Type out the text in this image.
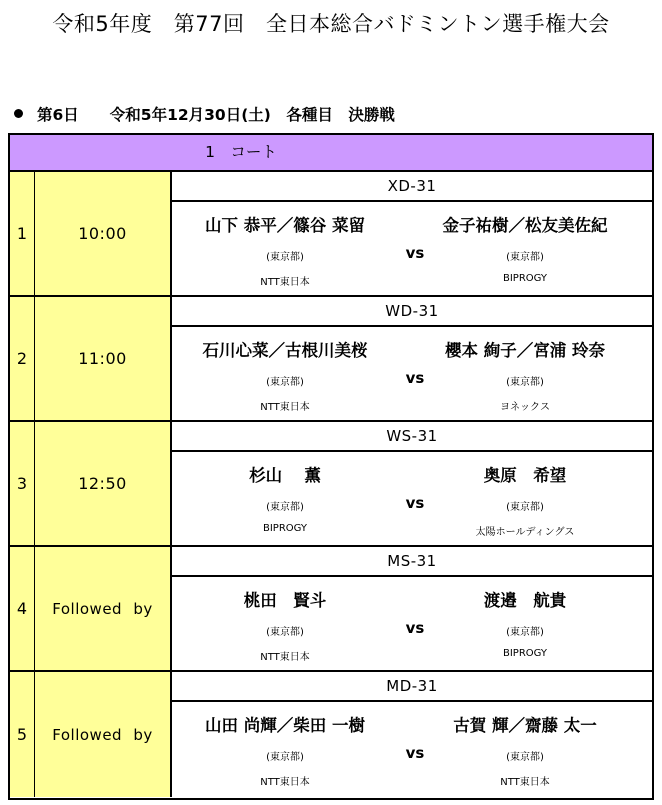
令和5年度　第77回　全日本総合バドミントン選手権大会
第6日　　令和5年12月30日(土)　各種目　決勝戦
1　コート
1	10:00
XD-31
山下 恭平／篠谷 菜留
(東京都)
NTT東日本
vs
金子祐樹／松友美佐紀
(東京都)
BIPROGY
2	11:00
WD-31
石川心菜／古根川美桜
(東京都)
NTT東日本
vs
櫻本 絢子／宮浦 玲奈
(東京都)
ヨネックス
3	12:50
WS-31
杉山　 薫
(東京都)
BIPROGY
vs
奥原　希望
(東京都)
太陽ホールディングス
4	Followed by
MS-31
桃田　賢斗
(東京都)
NTT東日本
vs
渡邉　航貴
(東京都)
BIPROGY
5	Followed by
MD-31
山田 尚輝／柴田 一樹
(東京都)
NTT東日本
vs
古賀 輝／齋藤 太一
(東京都)
NTT東日本
